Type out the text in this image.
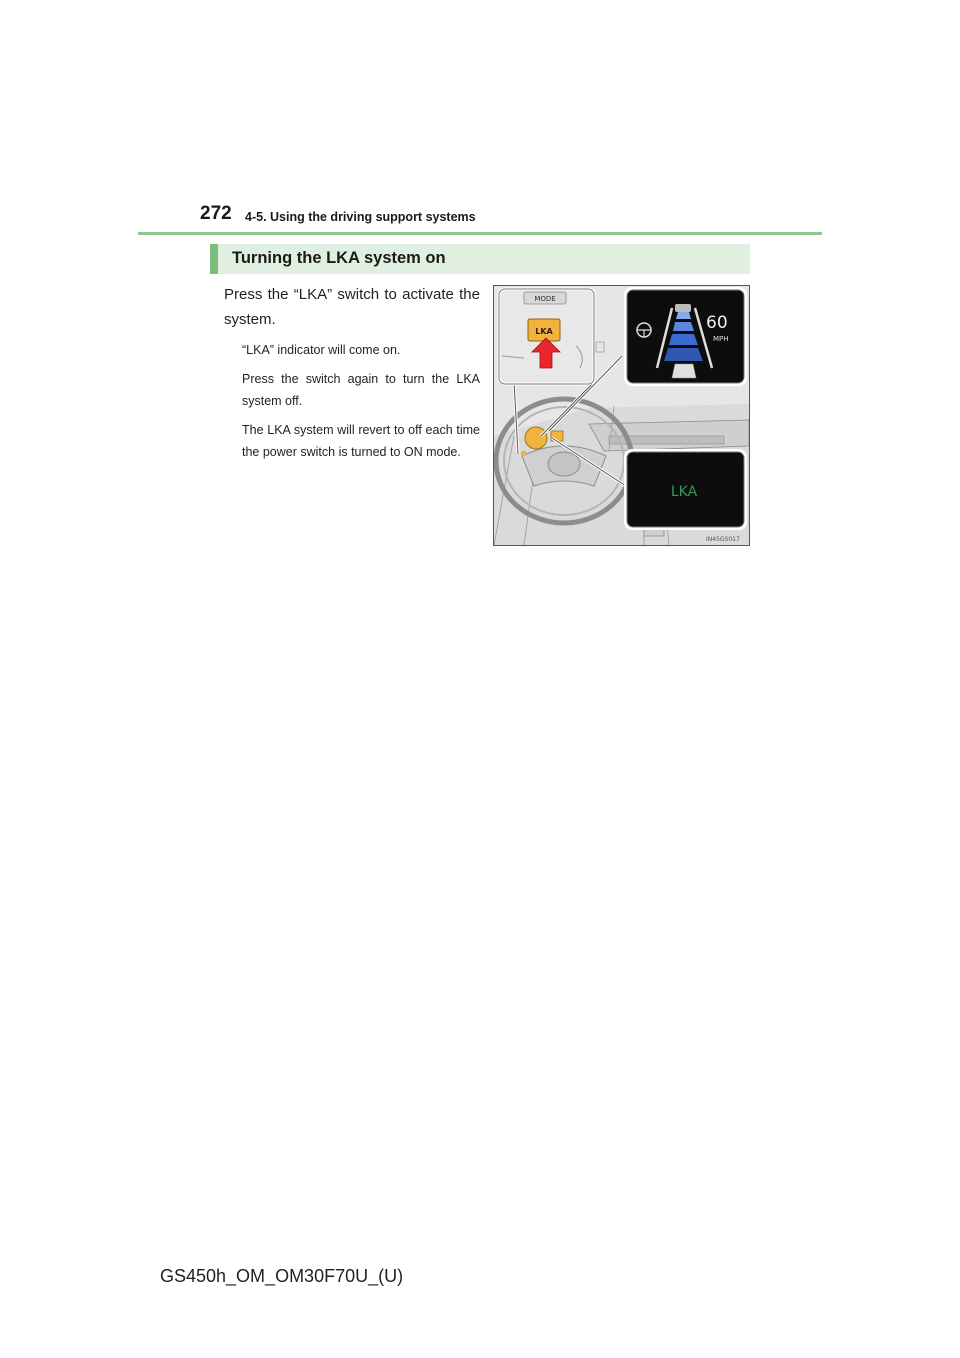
272 4-5. Using the driving support systems
Turning the LKA system on
Press the “LKA” switch to activate the system.

“LKA” indicator will come on.

Press the switch again to turn the LKA system off.

The LKA system will revert to off each time the power switch is turned to ON mode.

MODE
LKA	60
MPH
LKA
IN45GS017
GS450h_OM_OM30F70U_(U)
